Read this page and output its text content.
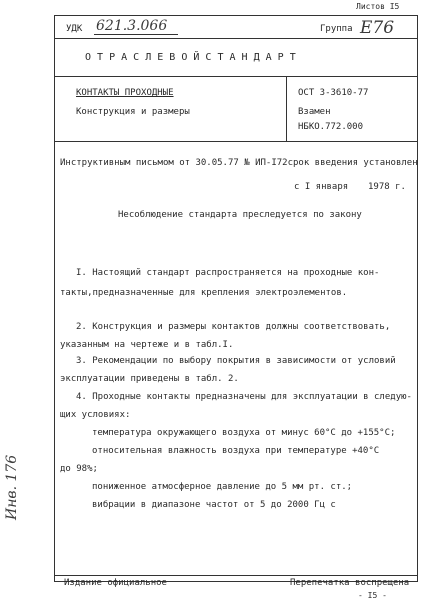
Листов I5
УДК 621.3.066	Группа Е76
О Т Р А С Л Е В О Й С Т А Н Д А Р Т
КОНТАКТЫ ПРОХОДНЫЕ
Конструкция и размеры
ОСТ 3-3610-77
Взамен
НБКО.772.000
Инструктивным письмом от 30.05.77 № ИП-I72срок введения установлен
с I января 1978 г.
Несоблюдение стандарта преследуется по закону
I. Настоящий стандарт распространяется на проходные кон-
такты,предназначенные для крепления электроэлементов.
2. Конструкция и размеры контактов должны соответствовать,
указанным на чертеже и в табл.I.
3. Рекомендации по выбору покрытия в зависимости от условий
эксплуатации приведены в табл. 2.
4. Проходные контакты предназначены для эксплуатации в следую-
щих условиях:
температура окружающего воздуха от минус 60°С до +155°С;
относительная влажность воздуха при температуре +40°С
до 98%;
пониженное атмосферное давление до 5 мм рт. ст.;
вибрации в диапазоне частот от 5 до 2000 Гц с
Инв. 176
Издание официальное	Перепечатка воспрещена
- I5 -
